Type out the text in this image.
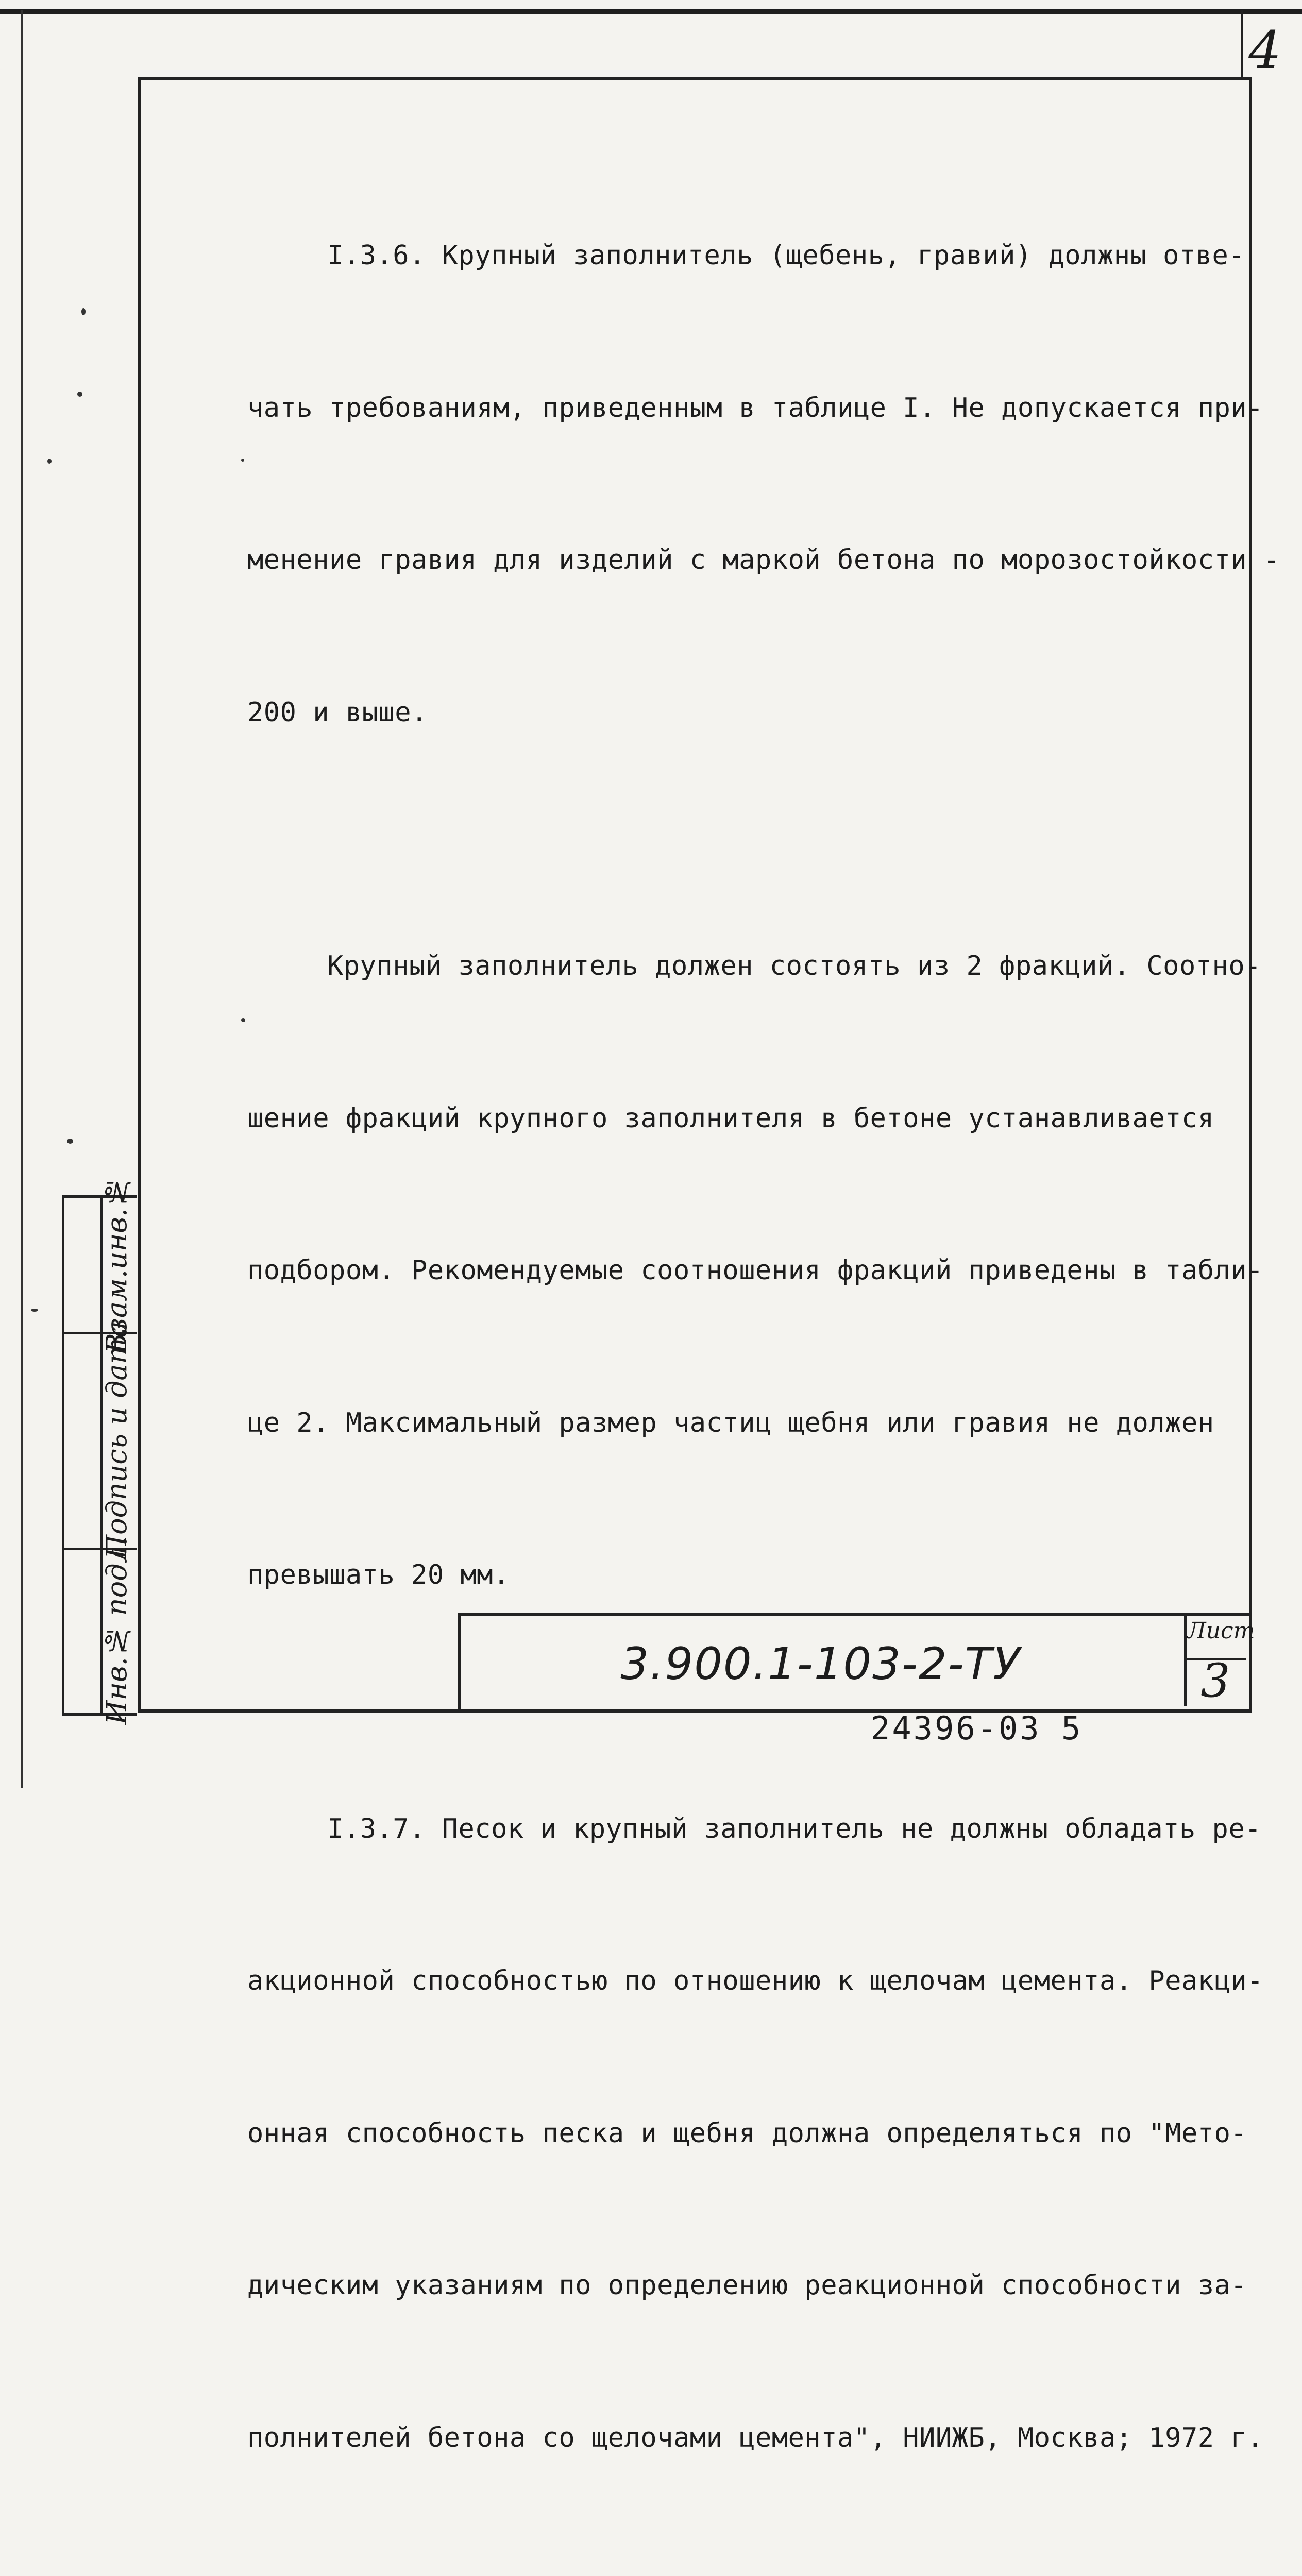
4

I.3.6. Крупный заполнитель (щебень, гравий) должны отве-

чать требованиям, приведенным в таблице I. Не допускается при-

менение гравия для изделий с маркой бетона по морозостойкости -

200 и выше.

Крупный заполнитель должен состоять из 2 фракций. Соотно-

шение фракций крупного заполнителя в бетоне устанавливается

подбором. Рекомендуемые соотношения фракций приведены в табли-

це 2. Максимальный размер частиц щебня или гравия не должен

превышать 20 мм.

I.3.7. Песок и крупный заполнитель не должны обладать ре-

акционной способностью по отношению к щелочам цемента. Реакци-

онная способность песка и щебня должна определяться по "Мето-

дическим указаниям по определению реакционной способности за-

полнителей бетона со щелочами цемента", НИИЖБ, Москва; 1972 г.

Взам.инв.№
Подпись и дата
Инв.№ подл.	3.900.1-103-2-ТУ
Лист
3
24396-03 5
